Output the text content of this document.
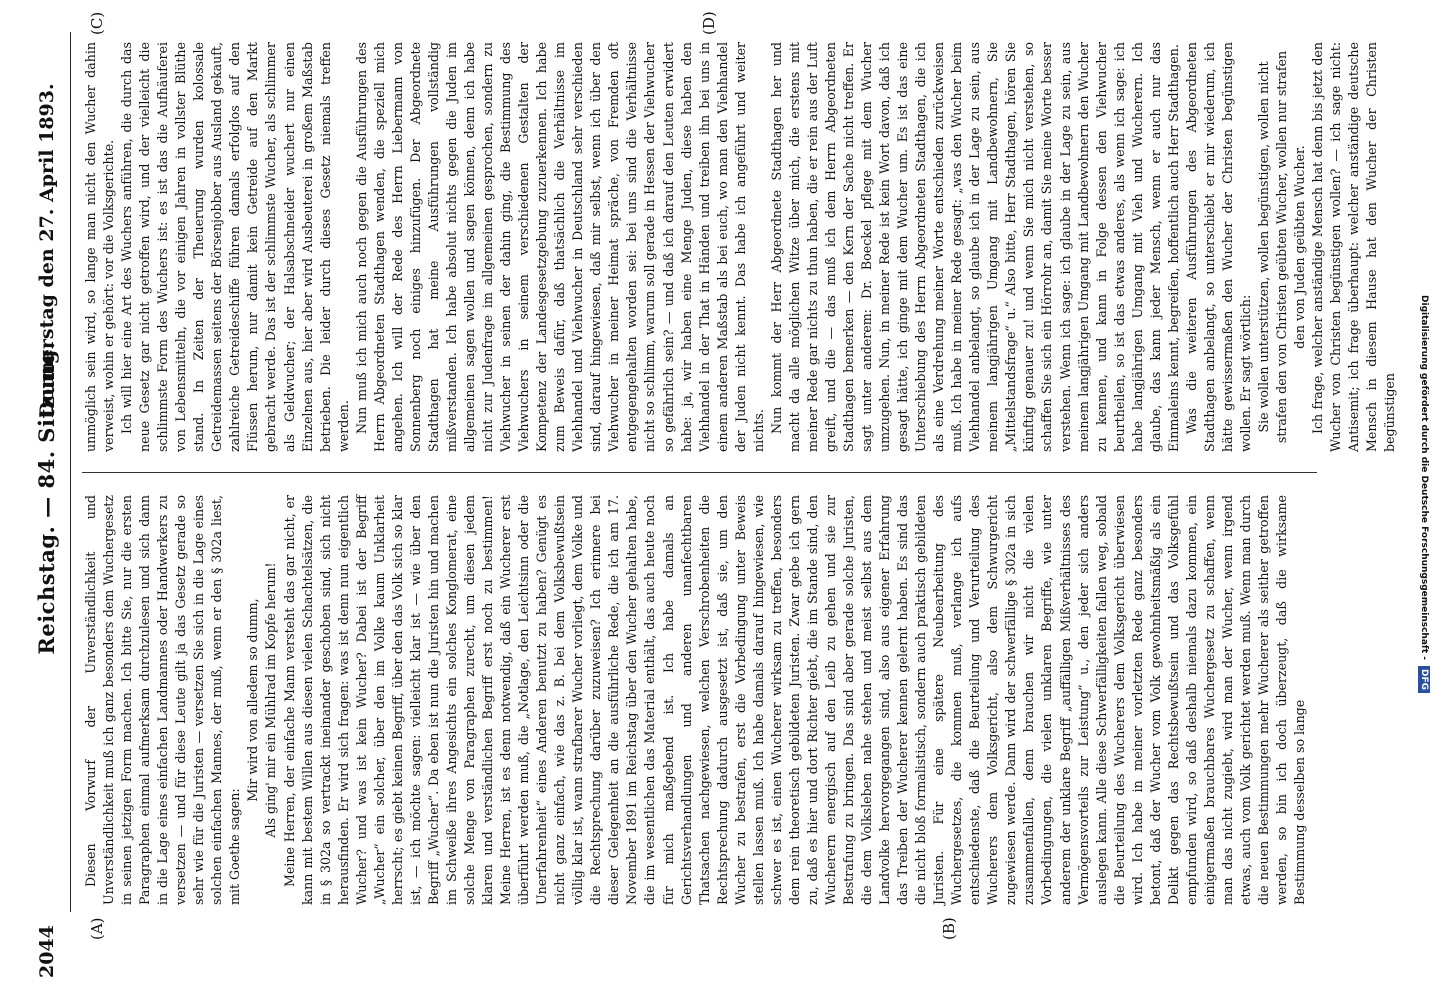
2044
Reichstag. — 84. Sitzung.
Donnerstag den 27. April 1893.
(A)	(B)
(C)	(D)

Diesen Vorwurf der Unverständlichkeit und Unverständlichkeit muß ich ganz besonders dem Wuchergesetz in seinen jetzigen Form machen. Ich bitte Sie, nur die ersten Paragraphen einmal aufmerksam durchzulesen und sich dann in die Lage eines einfachen Landmannes oder Handwerkers zu versetzen — und für diese Leute gilt ja das Gesetz gerade so sehr wie für die Juristen — versetzen Sie sich in die Lage eines solchen einfachen Mannes, der muß, wenn er den § 302a liest, mit Goethe sagen:

Mir wird von alledem so dumm, Als ging' mir ein Mühlrad im Kopfe herum! Meine Herren, der einfache Mann versteht das gar nicht, er kann mit bestem Willen aus diesen vielen Schachtelsätzen, die in § 302a so vertrackt ineinander geschoben sind, sich nicht herausfinden. Er wird sich fragen: was ist denn nun eigentlich Wucher? und was ist kein Wucher? Dabei ist der Begriff „Wucher“ ein solcher, über den im Volke kaum Unklarheit herrscht; es giebt keinen Begriff, über den das Volk sich so klar ist, — ich möchte sagen: vielleicht klar ist — wie über den Begriff „Wucher“. Da eben ist nun die Juristen hin und machen im Schweiße ihres Angesichts ein solches Konglomerat, eine solche Menge von Paragraphen zurecht, um diesen jedem klaren und verständlichen Begriff erst noch zu bestimmen! Meine Herren, ist es denn notwendig, daß ein Wucherer erst überführt werden muß, die „Notlage, den Leichtsinn oder die Unerfahrenheit“ eines Anderen benutzt zu haben? Genügt es nicht ganz einfach, wie das z. B. bei dem Volksbewußtsein völlig klar ist, wann strafbarer Wucher vorliegt, dem Volke und die Rechtsprechung darüber zuzuweisen? Ich erinnere bei dieser Gelegenheit an die ausführliche Rede, die ich am 17. November 1891 im Reichstag über den Wucher gehalten habe, die im wesentlichen das Material enthält, das auch heute noch für mich maßgebend ist. Ich habe damals an Gerichtsverhandlungen und anderen unanfechtbaren Thatsachen nachgewiesen, welchen Verschrobenheiten die Rechtsprechung dadurch ausgesetzt ist, daß sie, um den Wucher zu bestrafen, erst die Vorbedingung unter Beweis stellen lassen muß. Ich habe damals darauf hingewiesen, wie schwer es ist, einen Wucherer wirksam zu treffen, besonders dem rein theoretisch gebildeten Juristen. Zwar gebe ich gern zu, daß es hier und dort Richter giebt, die im Stande sind, den Wucherern energisch auf den Leib zu gehen und sie zur Bestrafung zu bringen. Das sind aber gerade solche Juristen, die dem Volksleben nahe stehen und meist selbst aus dem Landvolke hervorgegangen sind, also aus eigener Erfahrung das Treiben der Wucherer kennen gelernt haben. Es sind das die nicht bloß formalistisch, sondern auch praktisch gebildeten Juristen. Für eine spätere Neubearbeitung des Wuchergesetzes, die kommen muß, verlange ich aufs entschiedenste, daß die Beurteilung und Verurteilung des Wucherers dem Volksgericht, also dem Schwurgericht zugewiesen werde. Dann wird der schwerfällige § 302a in sich zusammenfallen, denn brauchen wir nicht die vielen Vorbedingungen, die vielen unklaren Begriffe, wie unter anderem der unklare Begriff „auffälligen Mißverhältnisses des Vermögensvorteils zur Leistung“ u., den jeder sich anders auslegen kann. Alle diese Schwerfälligkeiten fallen weg, sobald die Beurteilung des Wucherers dem Volksgericht überwiesen wird. Ich habe in meiner vorletzten Rede ganz besonders betont, daß der Wucher vom Volk gewohnheitsmäßig als ein Delikt gegen das Rechtsbewußtsein und das Volksgefühl empfunden wird, so daß deshalb niemals dazu kommen, ein einigermaßen brauchbares Wuchergesetz zu schaffen, wenn man das nicht zugiebt, wird man der Wucher, wenn irgend etwas, auch vom Volk gerichtet werden muß. Wenn man durch die neuen Bestimmungen mehr Wucherer als seither getroffen werden, so bin ich doch überzeugt, daß die wirksame Bestimmung desselben so lange

unmöglich sein wird, so lange man nicht den Wucher dahin verweist, wohin er gehört: vor die Volksgerichte. Ich will hier eine Art des Wuchers anführen, die durch das neue Gesetz gar nicht getroffen wird, und der vielleicht die schlimmste Form des Wuchers ist: es ist das die Aufhäuferei von Lebensmitteln, die vor einigen Jahren in vollster Blüthe stand. In Zeiten der Theuerung wurden kolossale Getreidemassen seitens der Börsenjobber aus Ausland gekauft, zahlreiche Getreideschiffe führen damals erfolglos auf den Flüssen herum, nur damit kein Getreide auf den Markt gebracht werde. Das ist der schlimmste Wucher, als schlimmer als Geldwucher; der Halsabschneider wuchert nur einen Einzelnen aus, hier aber wird Ausbeuterei in großem Maßstab betrieben. Die leider durch dieses Gesetz niemals treffen werden. Nun muß ich mich auch noch gegen die Ausführungen des Herrn Abgeordneten Stadthagen wenden, die speziell mich angehen. Ich will der Rede des Herrn Liebermann von Sonnenberg noch einiges hinzufügen. Der Abgeordnete Stadthagen hat meine Ausführungen vollständig mißverstanden. Ich habe absolut nichts gegen die Juden im allgemeinen sagen wollen und sagen können, denn ich habe nicht zur Judenfrage im allgemeinen gesprochen, sondern zu Viehwucher in seinen der dahin ging, die Bestimmung des Viehwuchers in seinem verschiedenen Gestalten der Kompetenz der Landesgesetzgebung zuzuerkennen. Ich habe zum Beweis dafür, daß thatsächlich die Verhältnisse im Viehhandel und Viehwucher in Deutschland sehr verschieden sind, darauf hingewiesen, daß mir selbst, wenn ich über den Viehwucher in meiner Heimat spräche, von Fremden oft entgegengehalten worden sei: bei uns sind die Verhältnisse nicht so schlimm, warum soll gerade in Hessen der Viehwucher so gefährlich sein? — und daß ich darauf den Leuten erwidert habe: ja, wir haben eine Menge Juden, diese haben den Viehhandel in der That in Händen und treiben ihn bei uns in einem anderen Maßstab als bei euch, wo man den Viehhandel der Juden nicht kennt. Das habe ich angeführt und weiter nichts. Nun kommt der Herr Abgeordnete Stadthagen her und macht da alle möglichen Witze über mich, die erstens mit meiner Rede gar nichts zu thun haben, die er rein aus der Luft greift, und die — das muß ich dem Herrn Abgeordneten Stadthagen bemerken — den Kern der Sache nicht treffen. Er sagt unter anderem: Dr. Boeckel pflege mit dem Wucher umzugehen. Nun, in meiner Rede ist kein Wort davon, daß ich gesagt hätte, ich ginge mit dem Wucher um. Es ist das eine Unterschiebung des Herrn Abgeordneten Stadthagen, die ich als eine Verdrehung meiner Worte entschieden zurückweisen muß. Ich habe in meiner Rede gesagt: „was den Wucher beim Viehhandel anbelangt, so glaube ich in der Lage zu sein, aus meinem langjährigen Umgang mit Landbewohnern, Sie „Mittelstandsfrage“ u.“ Also bitte, Herr Stadthagen, hören Sie künftig genauer zu! und wenn Sie mich nicht verstehen, so schaffen Sie sich ein Hörrohr an, damit Sie meine Worte besser verstehen. Wenn ich sage: ich glaube in der Lage zu sein, aus meinem langjährigen Umgang mit Landbewohnern den Wucher zu kennen, und kann in Folge dessen den Viehwucher beurtheilen, so ist das etwas anderes, als wenn ich sage: ich habe langjährigen Umgang mit Vieh und Wucherern. Ich glaube, das kann jeder Mensch, wenn er auch nur das Einmaleins kennt, begreifen, hoffentlich auch Herr Stadthagen. Was die weiteren Ausführungen des Abgeordneten Stadthagen anbelangt, so unterschiebt er mir wiederum, ich hätte gewissermaßen den Wucher der Christen begünstigen wollen. Er sagt wörtlich: Sie wollen unterstützen, wollen begünstigen, wollen nicht strafen den von Christen geübten Wucher, wollen nur strafen den von Juden geübten Wucher. Ich frage, welcher anständige Mensch hat denn bis jetzt den Wucher von Christen begünstigen wollen? — ich sage nicht: Antisemit; ich frage überhaupt: welcher anständige deutsche Mensch in diesem Hause hat den Wucher der Christen begünstigen Digitalisierung gefördert durch die Deutsche Forschungsgemeinschaft -DFG
